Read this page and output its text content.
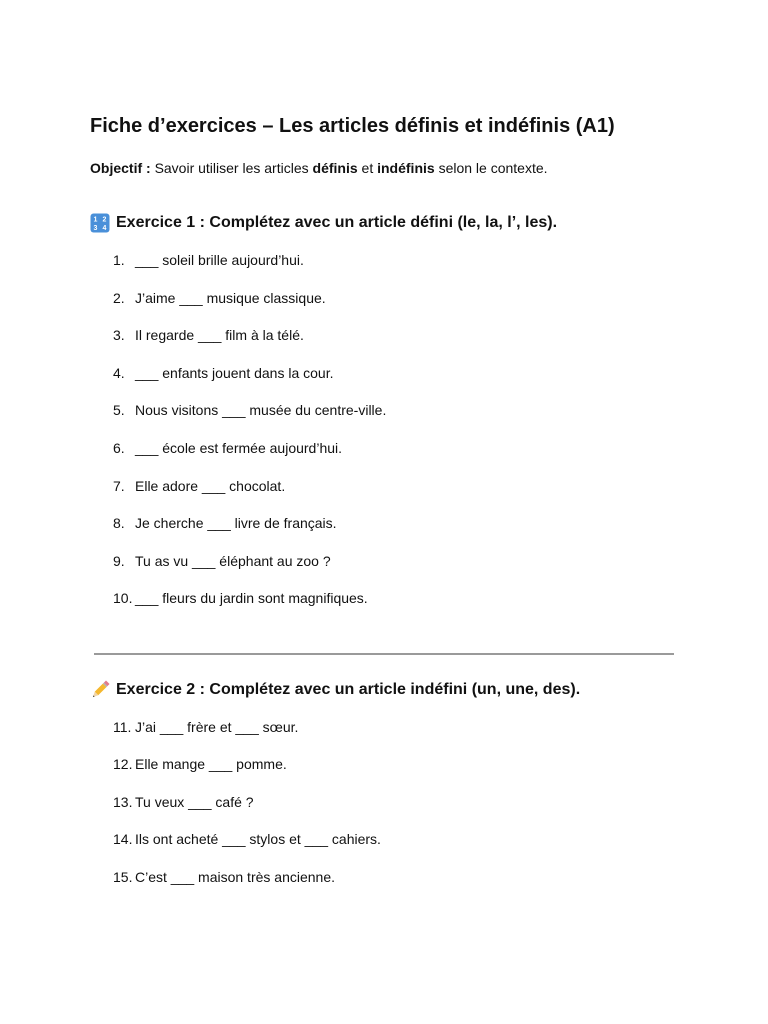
Fiche d’exercices – Les articles définis et indéfinis (A1)
Objectif : Savoir utiliser les articles définis et indéfinis selon le contexte.
1 2
3 4 Exercice 1 : Complétez avec un article défini (le, la, l’, les).
1. ___ soleil brille aujourd’hui.
2. J’aime ___ musique classique.
3. Il regarde ___ film à la télé.
4. ___ enfants jouent dans la cour.
5. Nous visitons ___ musée du centre-ville.
6. ___ école est fermée aujourd’hui.
7. Elle adore ___ chocolat.
8. Je cherche ___ livre de français.
9. Tu as vu ___ éléphant au zoo ?
10. ___ fleurs du jardin sont magnifiques.
Exercice 2 : Complétez avec un article indéfini (un, une, des).
11. J’ai ___ frère et ___ sœur.
12. Elle mange ___ pomme.
13. Tu veux ___ café ?
14. Ils ont acheté ___ stylos et ___ cahiers.
15. C’est ___ maison très ancienne.
